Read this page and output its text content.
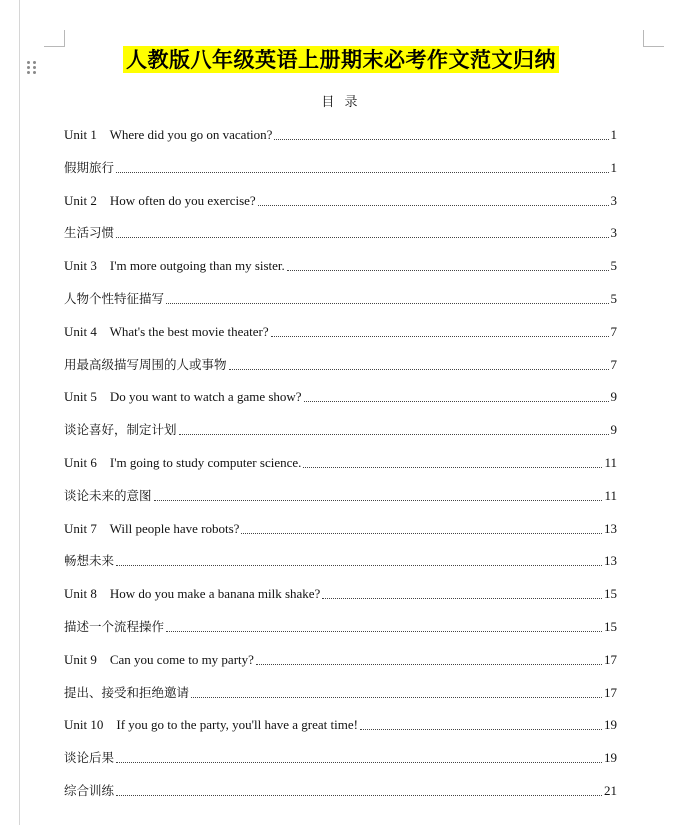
人教版八年级英语上册期末必考作文范文归纳
目 录
Unit 1    Where did you go on vacation?	1
假期旅行	1
Unit 2    How often do you exercise?	3
生活习惯	3
Unit 3    I'm more outgoing than my sister.	5
人物个性特征描写	5
Unit 4    What's the best movie theater?	7
用最高级描写周围的人或事物	7
Unit 5    Do you want to watch a game show?	9
谈论喜好，制定计划	9
Unit 6    I'm going to study computer science.	11
谈论未来的意图	11
Unit 7    Will people have robots?	13
畅想未来	13
Unit 8    How do you make a banana milk shake?	15
描述一个流程操作	15
Unit 9    Can you come to my party?	17
提出、接受和拒绝邀请	17
Unit 10    If you go to the party, you'll have a great time!	19
谈论后果	19
综合训练	21
